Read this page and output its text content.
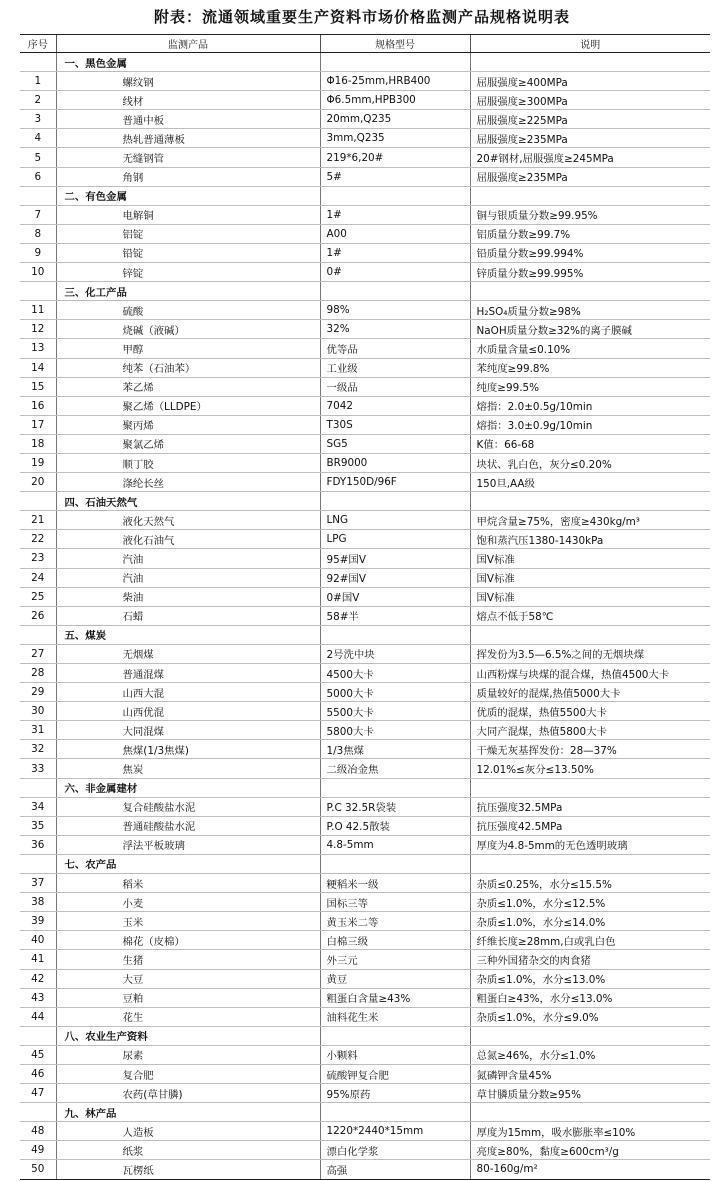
附表：流通领域重要生产资料市场价格监测产品规格说明表
序号	监测产品	规格型号	说明
	一、黑色金属		
1	螺纹钢	Φ16-25mm,HRB400	屈服强度≥400MPa
2	线材	Φ6.5mm,HPB300	屈服强度≥300MPa
3	普通中板	20mm,Q235	屈服强度≥225MPa
4	热轧普通薄板	3mm,Q235	屈服强度≥235MPa
5	无缝钢管	219*6,20#	20#钢材,屈服强度≥245MPa
6	角钢	5#	屈服强度≥235MPa
	二、有色金属		
7	电解铜	1#	铜与银质量分数≥99.95%
8	铝锭	A00	铝质量分数≥99.7%
9	铅锭	1#	铅质量分数≥99.994%
10	锌锭	0#	锌质量分数≥99.995%
	三、化工产品		
11	硫酸	98%	H₂SO₄质量分数≥98%
12	烧碱（液碱）	32%	NaOH质量分数≥32%的离子膜碱
13	甲醇	优等品	水质量含量≤0.10%
14	纯苯（石油苯）	工业级	苯纯度≥99.8%
15	苯乙烯	一级品	纯度≥99.5%
16	聚乙烯（LLDPE）	7042	熔指：2.0±0.5g/10min
17	聚丙烯	T30S	熔指：3.0±0.9g/10min
18	聚氯乙烯	SG5	K值：66-68
19	顺丁胶	BR9000	块状、乳白色，灰分≤0.20%
20	涤纶长丝	FDY150D/96F	150旦,AA级
	四、石油天然气		
21	液化天然气	LNG	甲烷含量≥75%，密度≥430kg/m³
22	液化石油气	LPG	饱和蒸汽压1380-1430kPa
23	汽油	95#国Ⅴ	国Ⅴ标准
24	汽油	92#国Ⅴ	国Ⅴ标准
25	柴油	0#国Ⅴ	国Ⅴ标准
26	石蜡	58#半	熔点不低于58℃
	五、煤炭		
27	无烟煤	2号洗中块	挥发份为3.5—6.5%之间的无烟块煤
28	普通混煤	4500大卡	山西粉煤与块煤的混合煤，热值4500大卡
29	山西大混	5000大卡	质量较好的混煤,热值5000大卡
30	山西优混	5500大卡	优质的混煤，热值5500大卡
31	大同混煤	5800大卡	大同产混煤，热值5800大卡
32	焦煤(1/3焦煤)	1/3焦煤	干燥无灰基挥发份：28—37%
33	焦炭	二级冶金焦	12.01%≤灰分≤13.50%
	六、非金属建材		
34	复合硅酸盐水泥	P.C 32.5R袋装	抗压强度32.5MPa
35	普通硅酸盐水泥	P.O 42.5散装	抗压强度42.5MPa
36	浮法平板玻璃	4.8-5mm	厚度为4.8-5mm的无色透明玻璃
	七、农产品		
37	稻米	粳稻米一级	杂质≤0.25%，水分≤15.5%
38	小麦	国标三等	杂质≤1.0%，水分≤12.5%
39	玉米	黄玉米二等	杂质≤1.0%，水分≤14.0%
40	棉花（皮棉）	白棉三级	纤维长度≥28mm,白或乳白色
41	生猪	外三元	三种外国猪杂交的肉食猪
42	大豆	黄豆	杂质≤1.0%，水分≤13.0%
43	豆粕	粗蛋白含量≥43%	粗蛋白≥43%，水分≤13.0%
44	花生	油料花生米	杂质≤1.0%，水分≤9.0%
	八、农业生产资料		
45	尿素	小颗料	总氮≥46%，水分≤1.0%
46	复合肥	硫酸钾复合肥	氮磷钾含量45%
47	农药(草甘膦)	95%原药	草甘膦质量分数≥95%
	九、林产品		
48	人造板	1220*2440*15mm	厚度为15mm，吸水膨胀率≤10%
49	纸浆	漂白化学浆	亮度≥80%，黏度≥600cm³/g
50	瓦楞纸	高强	80-160g/m²
